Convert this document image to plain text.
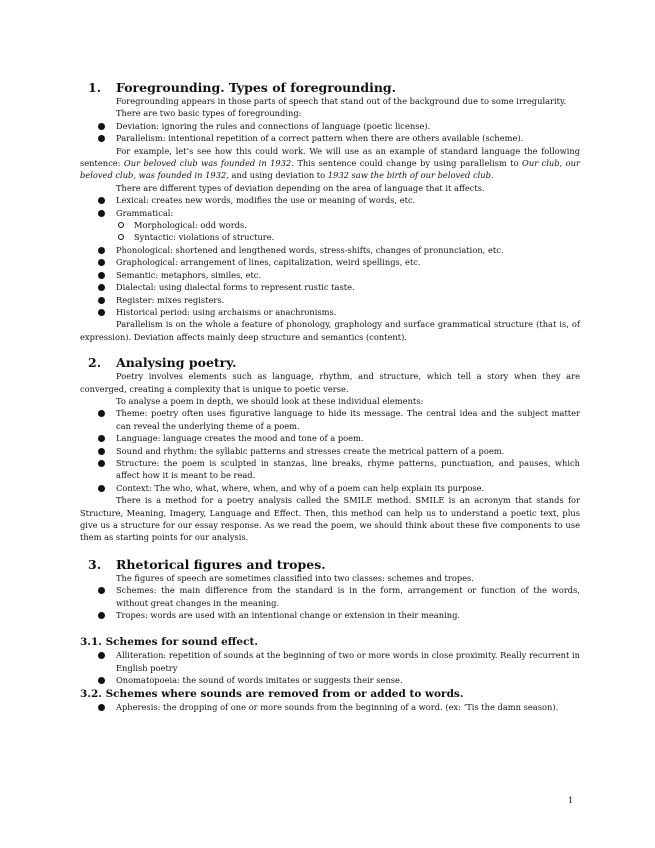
1. Foregrounding. Types of foregrounding.

Foregrounding appears in those parts of speech that stand out of the background due to some irregularity.

There are two basic types of foregrounding:

Deviation: ignoring the rules and connections of language (poetic license).

Parallelism: intentional repetition of a correct pattern when there are others available (scheme).

For example, let’s see how this could work. We will use as an example of standard language the following sentence: Our beloved club was founded in 1932. This sentence could change by using parallelism to Our club, our beloved club, was founded in 1932, and using deviation to 1932 saw the birth of our beloved club.

There are different types of deviation depending on the area of language that it affects.

Lexical: creates new words, modifies the use or meaning of words, etc.

Grammatical:

Morphological: odd words.

Syntactic: violations of structure.

Phonological: shortened and lengthened words, stress-shifts, changes of pronunciation, etc.

Graphological: arrangement of lines, capitalization, weird spellings, etc.

Semantic: metaphors, similes, etc.

Dialectal: using dialectal forms to represent rustic taste.

Register: mixes registers.

Historical period: using archaisms or anachronisms.

Parallelism is on the whole a feature of phonology, graphology and surface grammatical structure (that is, of expression). Deviation affects mainly deep structure and semantics (content).

2. Analysing poetry.

Poetry involves elements such as language, rhythm, and structure, which tell a story when they are converged, creating a complexity that is unique to poetic verse.

To analyse a poem in depth, we should look at these individual elements:

Theme: poetry often uses figurative language to hide its message. The central idea and the subject matter can reveal the underlying theme of a poem.

Language: language creates the mood and tone of a poem.

Sound and rhythm: the syllabic patterns and stresses create the metrical pattern of a poem.

Structure: the poem is sculpted in stanzas, line breaks, rhyme patterns, punctuation, and pauses, which affect how it is meant to be read.

Context: The who, what, where, when, and why of a poem can help explain its purpose.

There is a method for a poetry analysis called the SMILE method. SMILE is an acronym that stands for Structure, Meaning, Imagery, Language and Effect. Then, this method can help us to understand a poetic text, plus give us a structure for our essay response. As we read the poem, we should think about these five components to use them as starting points for our analysis.

3. Rhetorical figures and tropes.

The figures of speech are sometimes classified into two classes: schemes and tropes.

Schemes: the main difference from the standard is in the form, arrangement or function of the words, without great changes in the meaning.

Tropes: words are used with an intentional change or extension in their meaning.

3.1. Schemes for sound effect.

Alliteration: repetition of sounds at the beginning of two or more words in close proximity. Really recurrent in English poetry

Onomatopoeia: the sound of words imitates or suggests their sense.

3.2. Schemes where sounds are removed from or added to words.

Apheresis: the dropping of one or more sounds from the beginning of a word. (ex: ‘Tis the damn season).

1
